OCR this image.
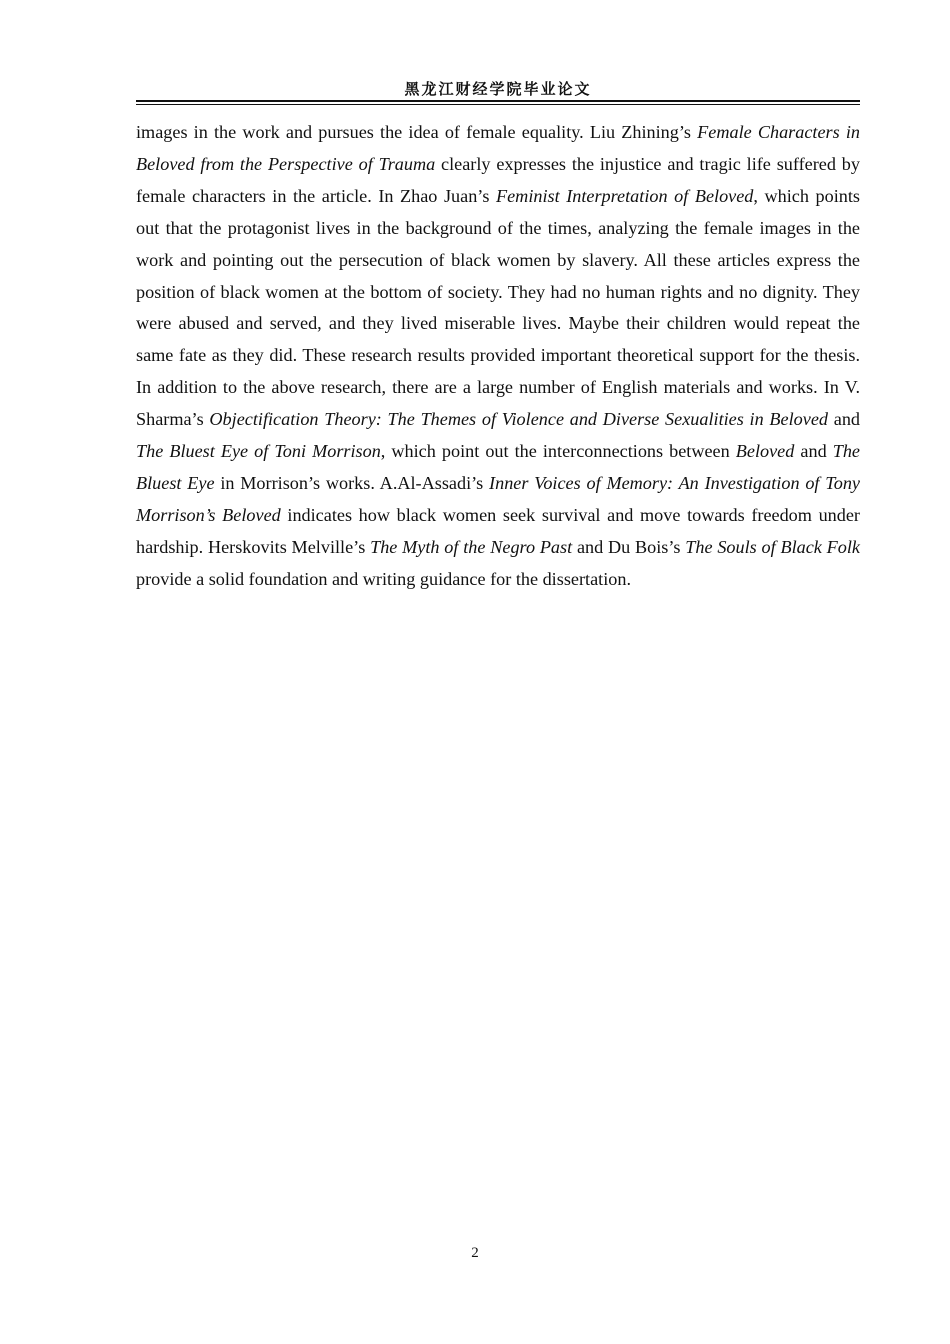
黑龙江财经学院毕业论文

images in the work and pursues the idea of female equality. Liu Zhining’s Female Characters in Beloved from the Perspective of Trauma clearly expresses the injustice and tragic life suffered by female characters in the article. In Zhao Juan’s Feminist Interpretation of Beloved, which points out that the protagonist lives in the background of the times, analyzing the female images in the work and pointing out the persecution of black women by slavery. All these articles express the position of black women at the bottom of society. They had no human rights and no dignity. They were abused and served, and they lived miserable lives. Maybe their children would repeat the same fate as they did. These research results provided important theoretical support for the thesis. In addition to the above research, there are a large number of English materials and works. In V. Sharma’s Objectification Theory: The Themes of Violence and Diverse Sexualities in Beloved and The Bluest Eye of Toni Morrison, which point out the interconnections between Beloved and The Bluest Eye in Morrison’s works. A.Al-Assadi’s Inner Voices of Memory: An Investigation of Tony Morrison’s Beloved indicates how black women seek survival and move towards freedom under hardship. Herskovits Melville’s The Myth of the Negro Past and Du Bois’s The Souls of Black Folk provide a solid foundation and writing guidance for the dissertation.

2
